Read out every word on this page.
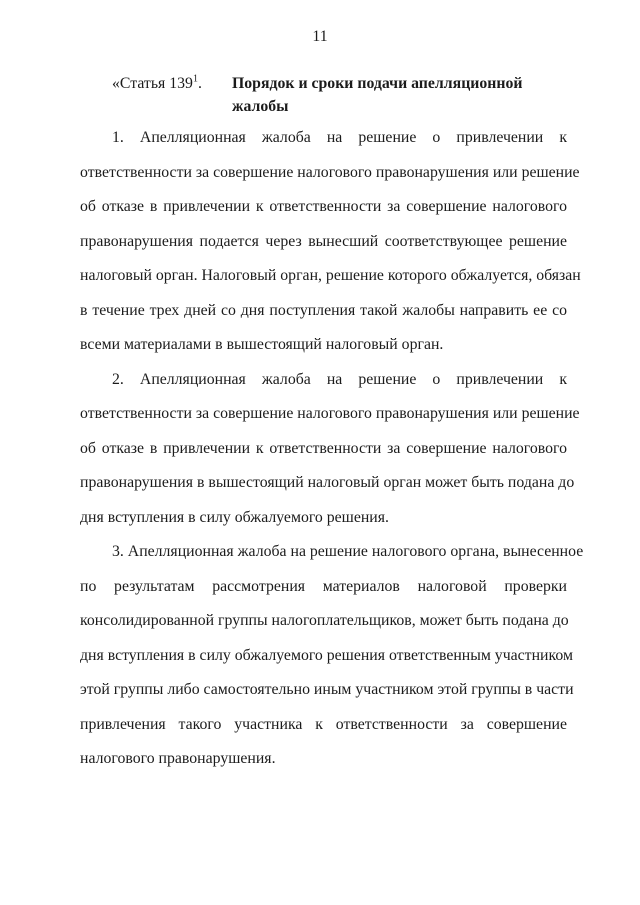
11
«Статья $139^1$.	Порядок и сроки подачи апелляционной
жалобы
1. Апелляционная жалоба на решение о привлечении к
ответственности за совершение налогового правонарушения или решение
об отказе в привлечении к ответственности за совершение налогового
правонарушения подается через вынесший соответствующее решение
налоговый орган. Налоговый орган, решение которого обжалуется, обязан
в течение трех дней со дня поступления такой жалобы направить ее со
всеми материалами в вышестоящий налоговый орган.
2. Апелляционная жалоба на решение о привлечении к
ответственности за совершение налогового правонарушения или решение
об отказе в привлечении к ответственности за совершение налогового
правонарушения в вышестоящий налоговый орган может быть подана до
дня вступления в силу обжалуемого решения.
3. Апелляционная жалоба на решение налогового органа, вынесенное
по результатам рассмотрения материалов налоговой проверки
консолидированной группы налогоплательщиков, может быть подана до
дня вступления в силу обжалуемого решения ответственным участником
этой группы либо самостоятельно иным участником этой группы в части
привлечения такого участника к ответственности за совершение
налогового правонарушения.
